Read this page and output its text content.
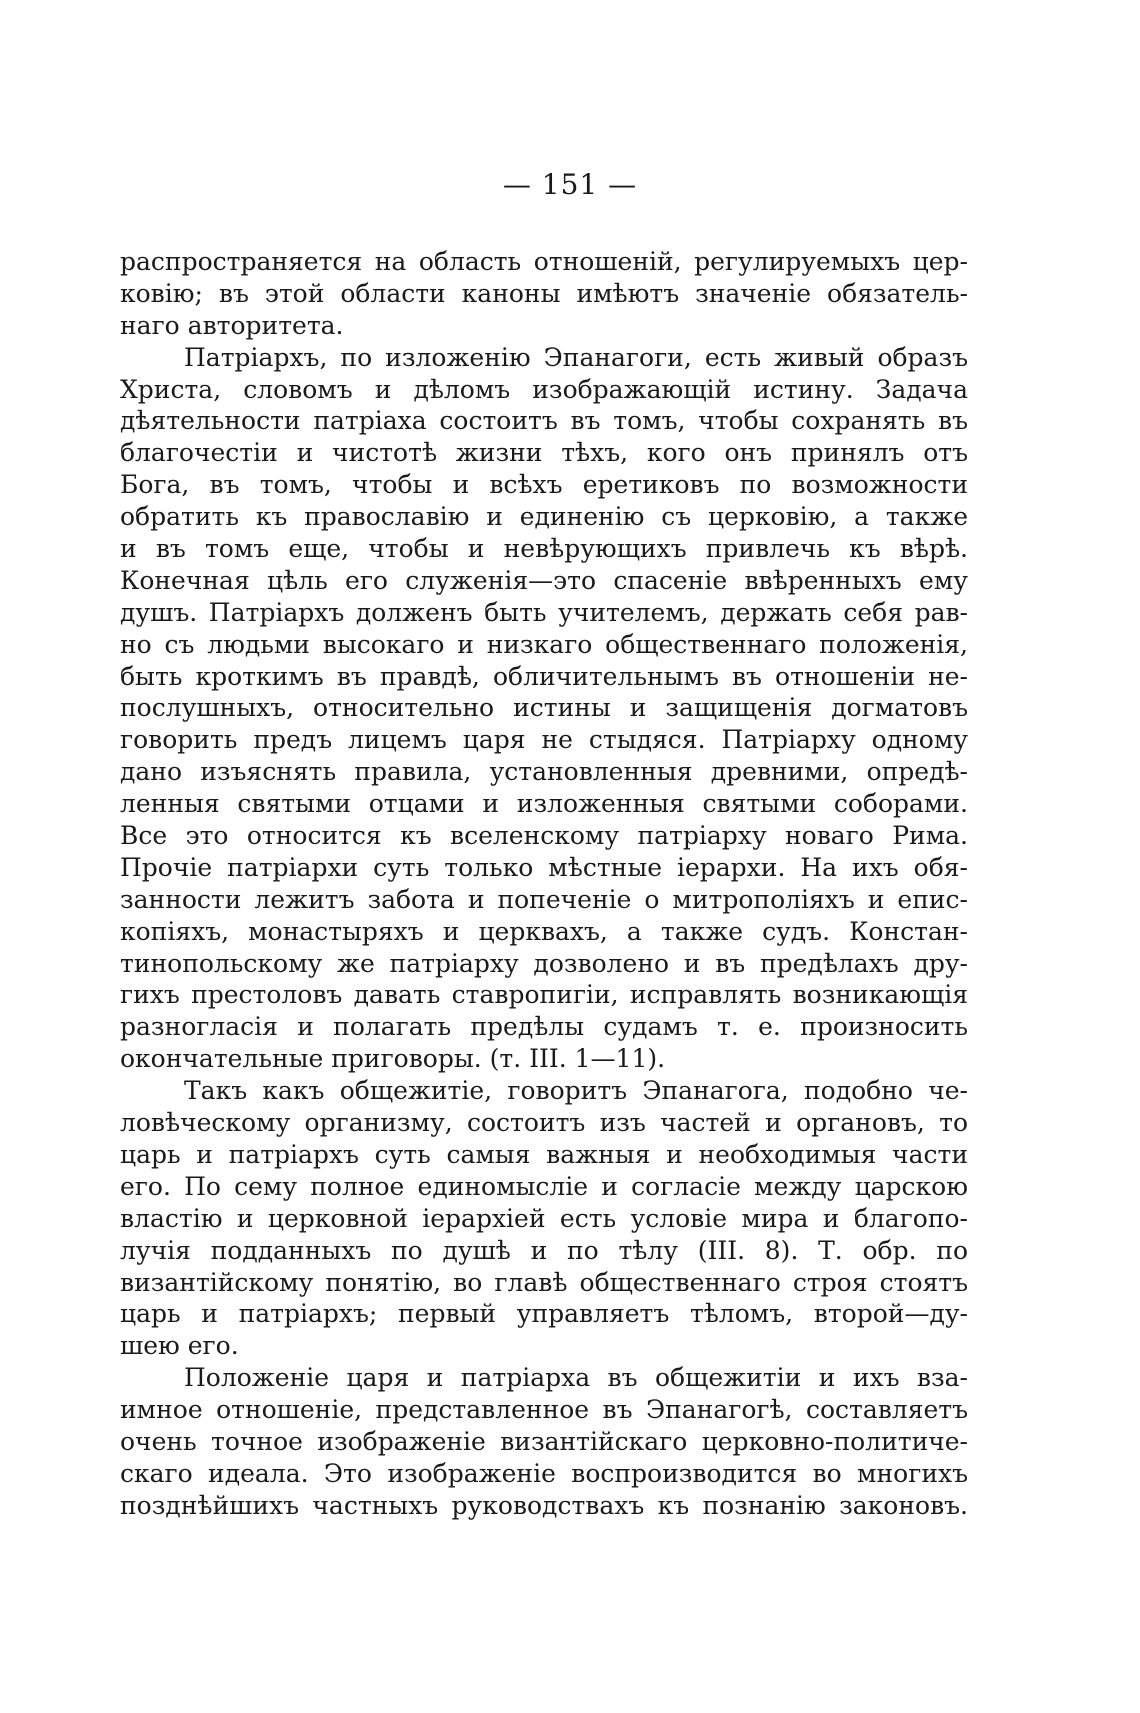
— 151 —
распространяется на область отношеній, регулируемыхъ цер-
ковію; въ этой области каноны имѣютъ значеніе обязатель-
наго авторитета.
Патріархъ, по изложенію Эпанагоги, есть живый образъ
Христа, словомъ и дѣломъ изображающій истину. Задача
дѣятельности патріаха состоитъ въ томъ, чтобы сохранять въ
благочестіи и чистотѣ жизни тѣхъ, кого онъ принялъ отъ
Бога, въ томъ, чтобы и всѣхъ еретиковъ по возможности
обратить къ православію и единенію съ церковію, а также
и въ томъ еще, чтобы и невѣрующихъ привлечь къ вѣрѣ.
Конечная цѣль его служенія—это спасеніе ввѣренныхъ ему
душъ. Патріархъ долженъ быть учителемъ, держать себя рав-
но съ людьми высокаго и низкаго общественнаго положенія,
быть кроткимъ въ правдѣ, обличительнымъ въ отношеніи не-
послушныхъ, относительно истины и защищенія догматовъ
говорить предъ лицемъ царя не стыдяся. Патріарху одному
дано изъяснять правила, установленныя древними, опредѣ-
ленныя святыми отцами и изложенныя святыми соборами.
Все это относится къ вселенскому патріарху новаго Рима.
Прочіе патріархи суть только мѣстные іерархи. На ихъ обя-
занности лежитъ забота и попеченіе о митрополіяхъ и епис-
копіяхъ, монастыряхъ и церквахъ, а также судъ. Констан-
тинопольскому же патріарху дозволено и въ предѣлахъ дру-
гихъ престоловъ давать ставропигіи, исправлять возникающія
разногласія и полагать предѣлы судамъ т. е. произносить
окончательные приговоры. (т. III. 1—11).
Такъ какъ общежитіе, говоритъ Эпанагога, подобно че-
ловѣческому организму, состоитъ изъ частей и органовъ, то
царь и патріархъ суть самыя важныя и необходимыя части
его. По сему полное единомысліе и согласіе между царскою
властію и церковной іерархіей есть условіе мира и благопо-
лучія подданныхъ по душѣ и по тѣлу (III. 8). Т. обр. по
византійскому понятію, во главѣ общественнаго строя стоятъ
царь и патріархъ; первый управляетъ тѣломъ, второй—ду-
шею его.
Положеніе царя и патріарха въ общежитіи и ихъ вза-
имное отношеніе, представленное въ Эпанагогѣ, составляетъ
очень точное изображеніе византійскаго церковно-политиче-
скаго идеала. Это изображеніе воспроизводится во многихъ
позднѣйшихъ частныхъ руководствахъ къ познанію законовъ.
